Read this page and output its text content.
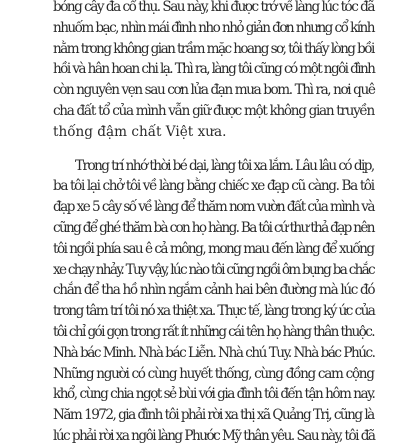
bóng cây đa cổ thụ. Sau này, khi được trở về làng lúc tóc đã
nhuốm bạc, nhìn mái đình nho nhỏ giản đơn nhưng cổ kính
nằm trong không gian trầm mặc hoang sơ, tôi thấy lòng bồi
hồi và hân hoan chi lạ. Thì ra, làng tôi cũng có một ngôi đình
còn nguyên vẹn sau cơn lửa đạn mưa bom. Thì ra, nơi quê
cha đất tổ của mình vẫn giữ được một không gian truyền
thống đậm chất Việt xưa.

Trong trí nhớ thời bé dại, làng tôi xa lắm. Lâu lâu có dịp,
ba tôi lại chở tôi về làng bằng chiếc xe đạp cũ càng. Ba tôi
đạp xe 5 cây số về làng để thăm nom vườn đất của mình và
cũng để ghé thăm bà con họ hàng. Ba tôi cứ thư thả đạp nên
tôi ngồi phía sau ê cả mông, mong mau đến làng để xuống
xe chạy nhảy. Tuy vậy, lúc nào tôi cũng ngồi ôm bụng ba chắc
chắn để tha hồ nhìn ngắm cảnh hai bên đường mà lúc đó
trong tâm trí tôi nó xa thiệt xa. Thực tế, làng trong ký ức của
tôi chỉ gói gọn trong rất ít những cái tên họ hàng thân thuộc.
Nhà bác Minh. Nhà bác Liễn. Nhà chú Tuy. Nhà bác Phúc.
Những người có cùng huyết thống, cùng đồng cam cộng
khổ, cùng chia ngọt sẻ bùi với gia đình tôi đến tận hôm nay.
Năm 1972, gia đình tôi phải rời xa thị xã Quảng Trị, cũng là
lúc phải rời xa ngôi làng Phước Mỹ thân yêu. Sau này, tôi đã
